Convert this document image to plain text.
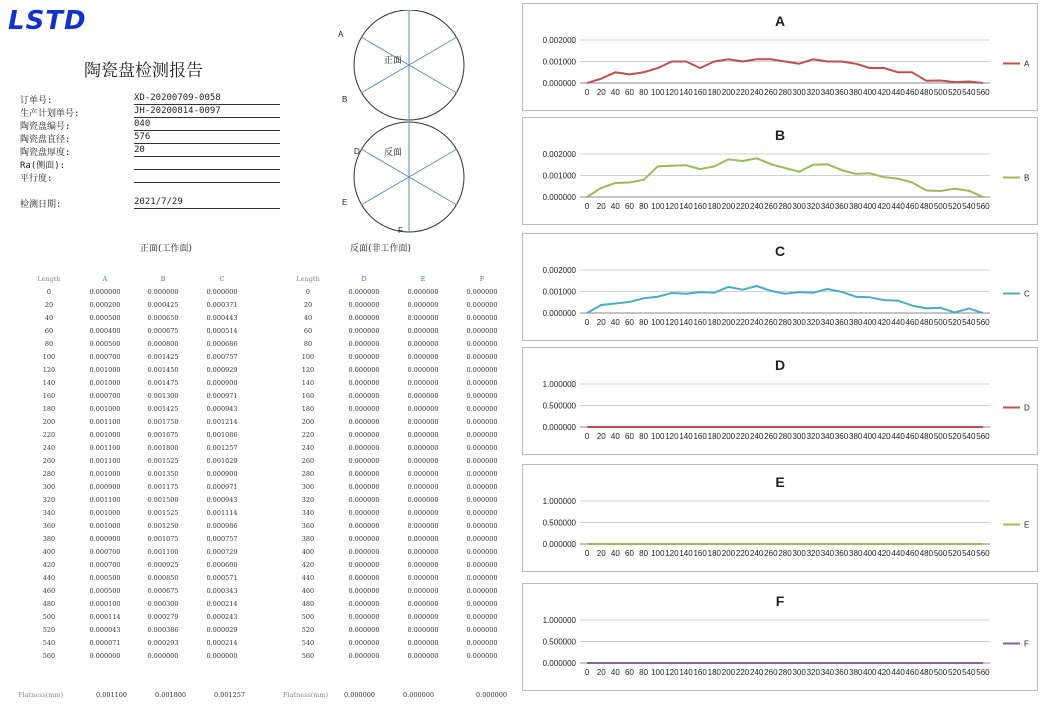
LSTD
陶瓷盘检测报告
订单号:	XD-20200709-0058
生产计划单号:	JH-20200814-0097
陶瓷盘编号:	040
陶瓷盘直径:	576
陶瓷盘厚度:	20
Ra(侧面):
平行度:
检测日期:	2021/7/29
正面
A
B
反面
D
E
F
正面(工作面)	反面(非工作面)
Length	A	B	C
0	0.000000	0.000000	0.000000
20	0.000200	0.000425	0.000371
40	0.000500	0.000650	0.000443
60	0.000400	0.000675	0.000514
80	0.000500	0.000800	0.000686
100	0.000700	0.001425	0.000757
120	0.001000	0.001450	0.000929
140	0.001000	0.001475	0.000900
160	0.000700	0.001300	0.000971
180	0.001000	0.001425	0.000943
200	0.001100	0.001750	0.001214
220	0.001000	0.001675	0.001086
240	0.001100	0.001800	0.001257
260	0.001100	0.001525	0.001029
280	0.001000	0.001350	0.000900
300	0.000900	0.001175	0.000971
320	0.001100	0.001500	0.000943
340	0.001000	0.001525	0.001114
360	0.001000	0.001250	0.000986
380	0.000900	0.001075	0.000757
400	0.000700	0.001100	0.000729
420	0.000700	0.000925	0.000600
440	0.000500	0.000850	0.000571
460	0.000500	0.000675	0.000343
480	0.000100	0.000300	0.000214
500	0.000114	0.000279	0.000243
520	0.000043	0.000386	0.000029
540	0.000071	0.000293	0.000214
560	0.000000	0.000000	0.000000
Length	D	E	F
0	0.000000	0.000000	0.000000
20	0.000000	0.000000	0.000000
40	0.000000	0.000000	0.000000
60	0.000000	0.000000	0.000000
80	0.000000	0.000000	0.000000
100	0.000000	0.000000	0.000000
120	0.000000	0.000000	0.000000
140	0.000000	0.000000	0.000000
160	0.000000	0.000000	0.000000
180	0.000000	0.000000	0.000000
200	0.000000	0.000000	0.000000
220	0.000000	0.000000	0.000000
240	0.000000	0.000000	0.000000
260	0.000000	0.000000	0.000000
280	0.000000	0.000000	0.000000
300	0.000000	0.000000	0.000000
320	0.000000	0.000000	0.000000
340	0.000000	0.000000	0.000000
360	0.000000	0.000000	0.000000
380	0.000000	0.000000	0.000000
400	0.000000	0.000000	0.000000
420	0.000000	0.000000	0.000000
440	0.000000	0.000000	0.000000
460	0.000000	0.000000	0.000000
480	0.000000	0.000000	0.000000
500	0.000000	0.000000	0.000000
520	0.000000	0.000000	0.000000
540	0.000000	0.000000	0.000000
560	0.000000	0.000000	0.000000
Flatness(mm)	0.001100	0.001800	0.001257	Flatness(mm) 0.000000	0.000000	0.000000
A
0.000000
0.001000
0.002000
0 20 40 60 80 100 120 140 160 180 200 220 240 260 280 300 320 340 360 380 400 420 440 460 480 500 520 540 560
A
B
0.000000
0.001000
0.002000
0 20 40 60 80 100 120 140 160 180 200 220 240 260 280 300 320 340 360 380 400 420 440 460 480 500 520 540 560
B
C
0.000000
0.001000
0.002000
0 20 40 60 80 100 120 140 160 180 200 220 240 260 280 300 320 340 360 380 400 420 440 460 480 500 520 540 560
C
D
0.000000
0.500000
1.000000
0 20 40 60 80 100 120 140 160 180 200 220 240 260 280 300 320 340 360 380 400 420 440 460 480 500 520 540 560
D
E
0.000000
0.500000
1.000000
0 20 40 60 80 100 120 140 160 180 200 220 240 260 280 300 320 340 360 380 400 420 440 460 480 500 520 540 560
E
F
0.000000
0.500000
1.000000
0 20 40 60 80 100 120 140 160 180 200 220 240 260 280 300 320 340 360 380 400 420 440 460 480 500 520 540 560
F
